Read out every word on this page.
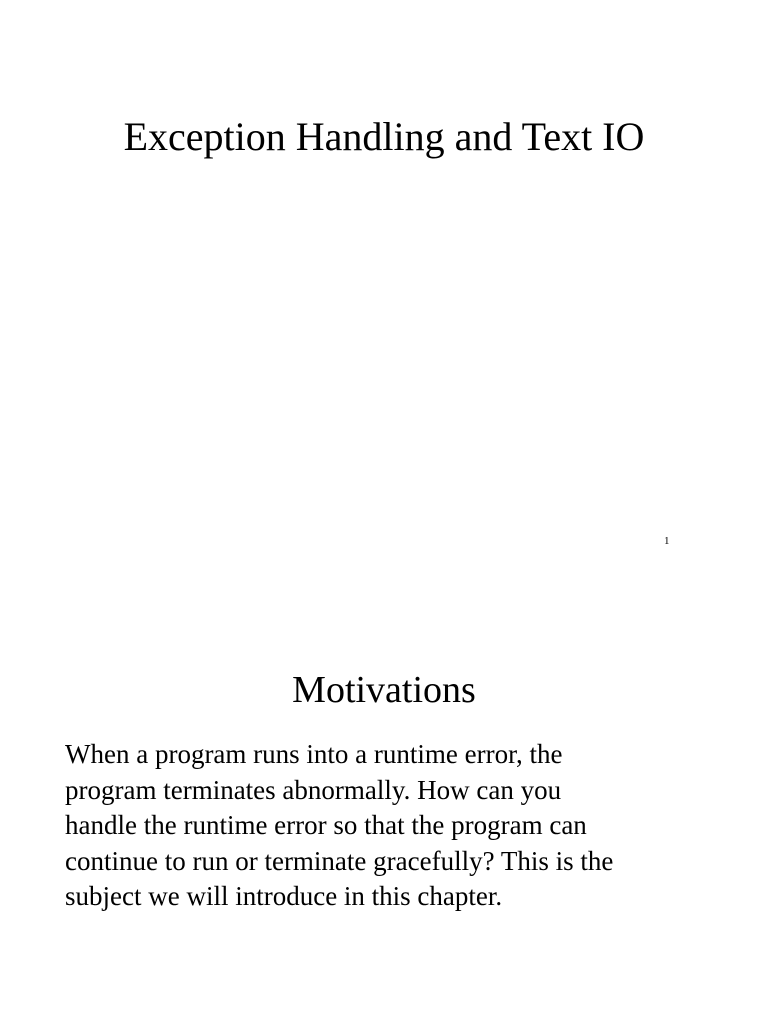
Exception Handling and Text IO
1
Motivations
When a program runs into a runtime error, the
program terminates abnormally. How can you
handle the runtime error so that the program can
continue to run or terminate gracefully? This is the
subject we will introduce in this chapter.
